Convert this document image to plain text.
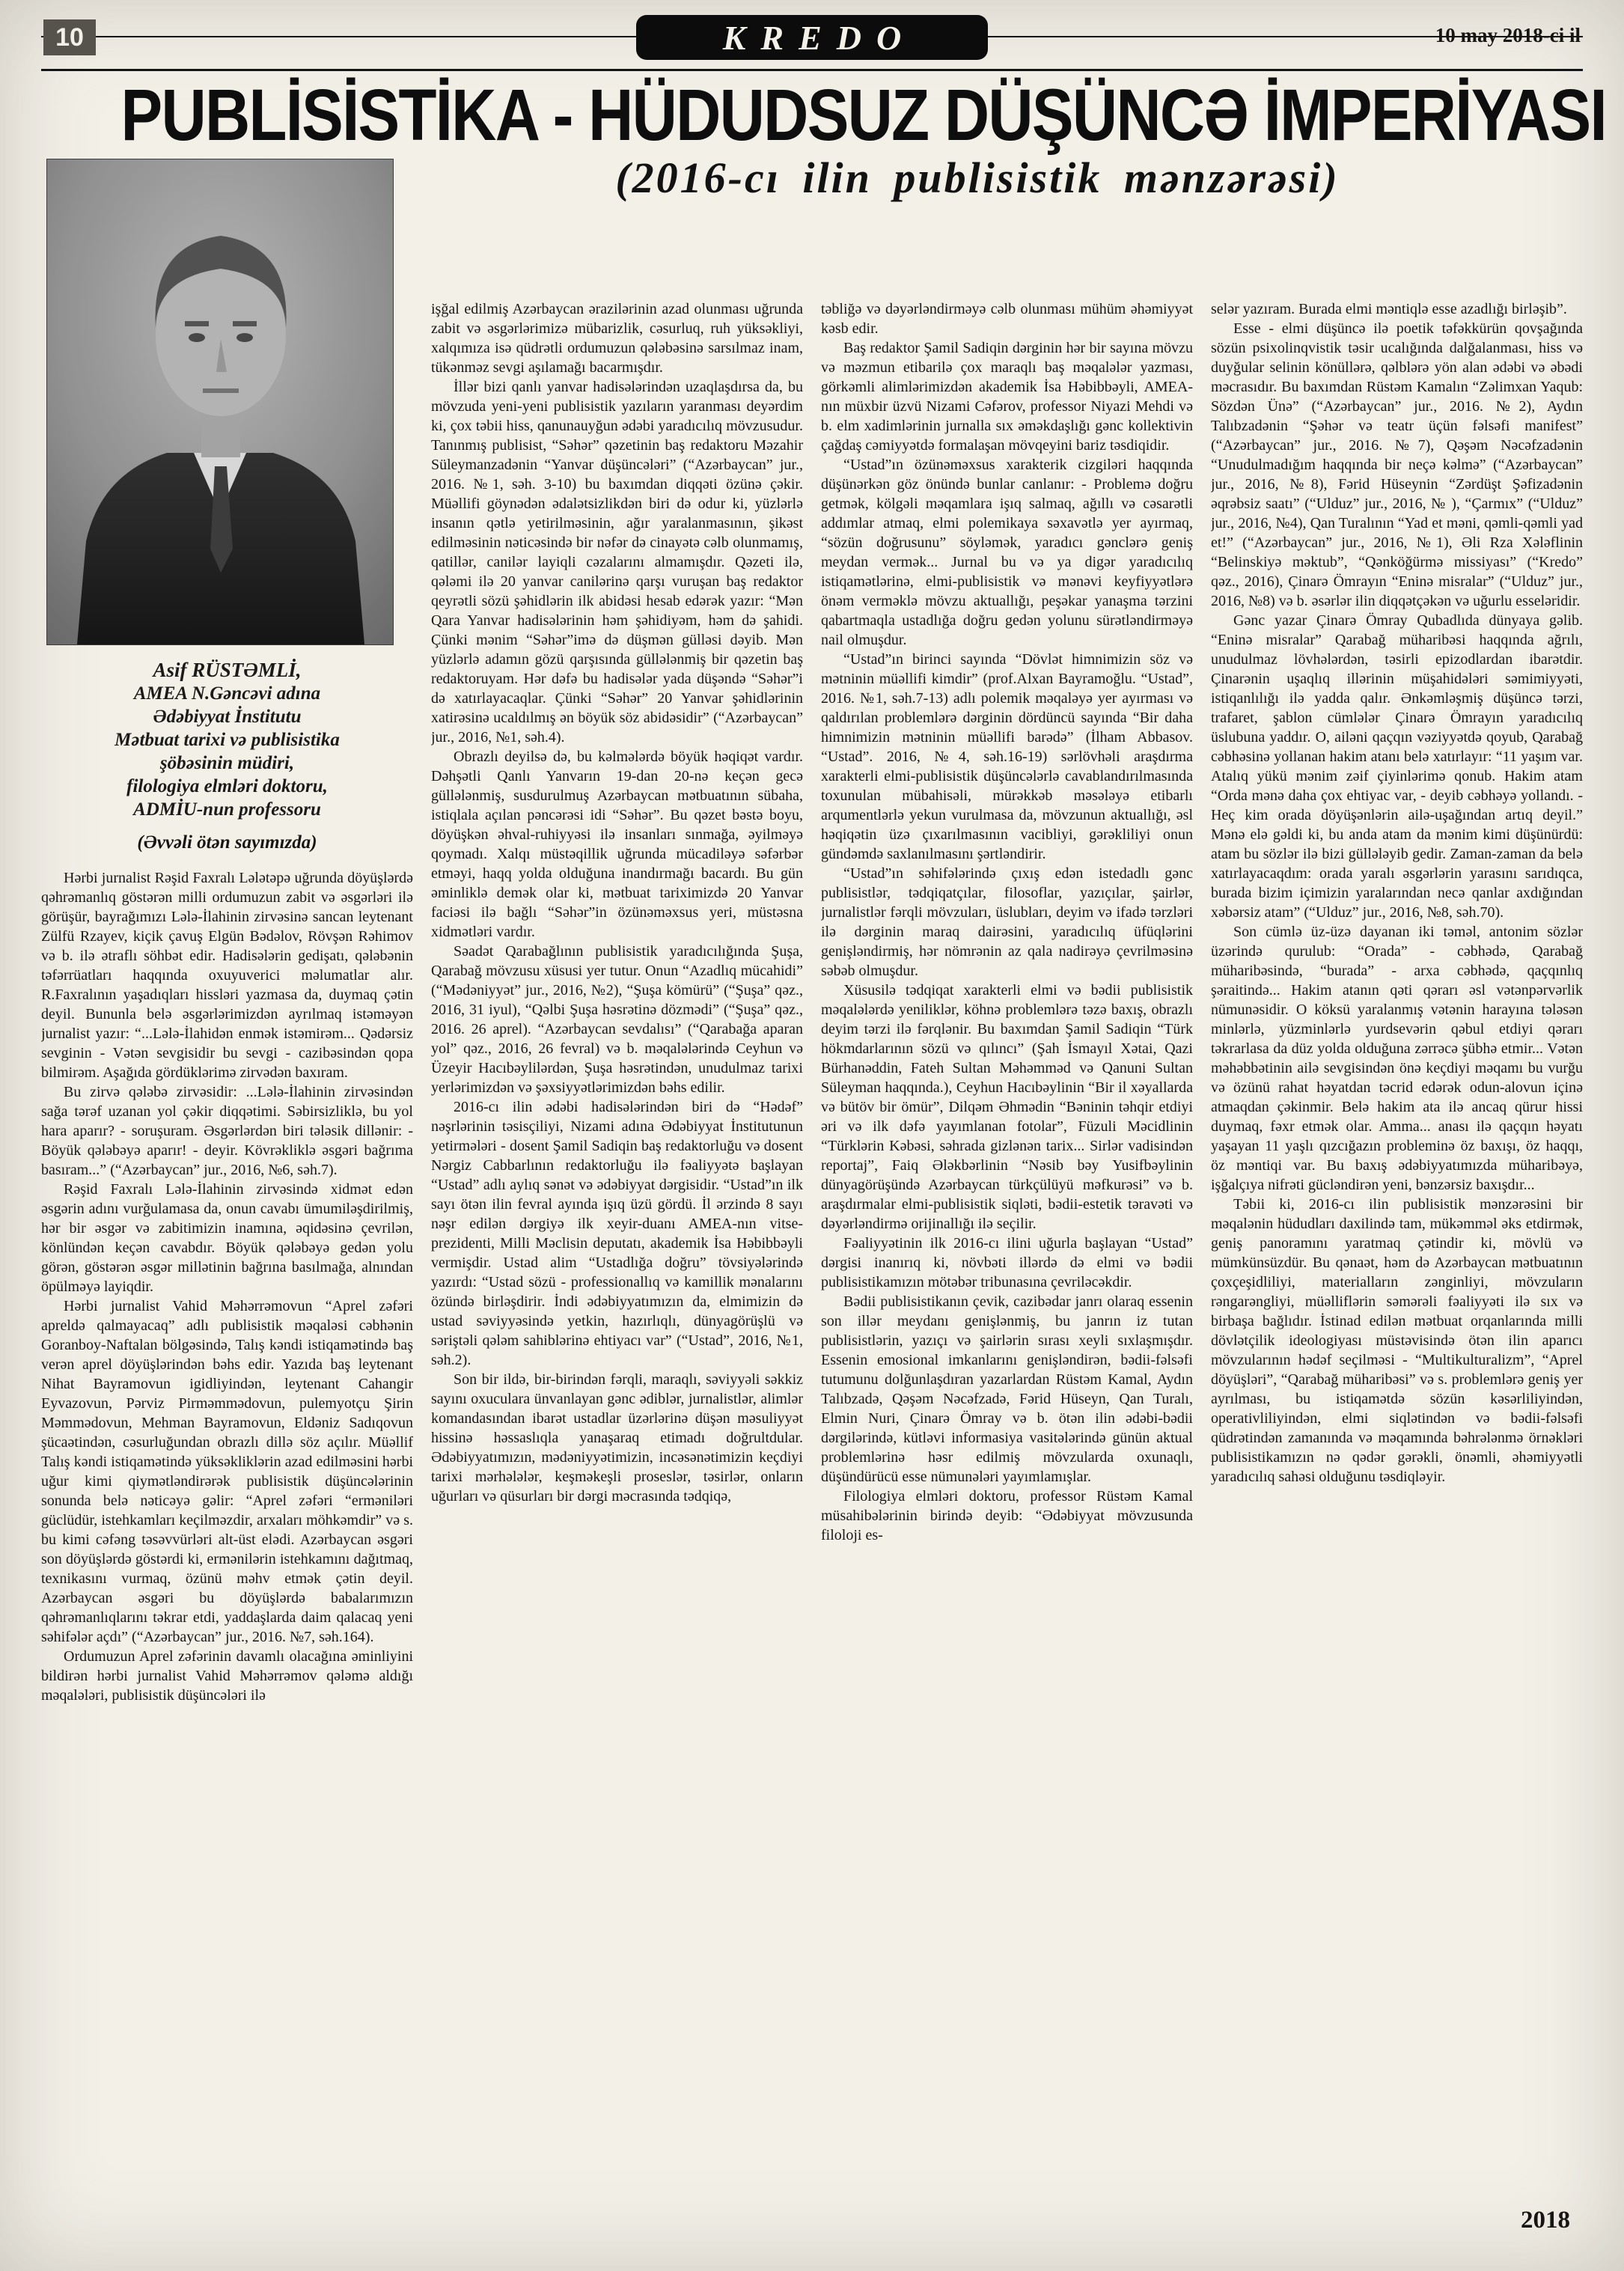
10	KREDO	10 may 2018-ci il
PUBLİSİSTİKA - HÜDUDSUZ DÜŞÜNCƏ İMPERİYASI
(2016-cı ilin publisistik mənzərəsi)
Asif RÜSTƏMLİ,
AMEA N.Gəncəvi adına
Ədəbiyyat İnstitutu
Mətbuat tarixi və publisistika
şöbəsinin müdiri,
filologiya elmləri doktoru,
ADMİU-nun professoru
(Əvvəli ötən sayımızda)

Hərbi jurnalist Rəşid Faxralı Lələtəpə uğrunda döyüşlərdə qəhrəmanlıq göstərən milli ordumuzun zabit və əsgərləri ilə görüşür, bayrağımızı Lələ-İlahinin zirvəsinə sancan leytenant Zülfü Rzayev, kiçik çavuş Elgün Bədəlov, Rövşən Rəhimov və b. ilə ətraflı söhbət edir. Hadisələrin gedişatı, qələbənin təfərrüatları haqqında oxuyuverici məlumatlar alır. R.Faxralının yaşadıqları hissləri yazmasa da, duymaq çətin deyil. Bununla belə əsgərlərimizdən ayrılmaq istəməyən jurnalist yazır: “...Lələ-İlahidən enmək istəmirəm... Qədərsiz sevginin - Vətən sevgisidir bu sevgi - cazibəsindən qopa bilmirəm. Aşağıda gördüklərimə zirvədən baxıram.

Bu zirvə qələbə zirvəsidir: ...Lələ-İlahinin zirvəsindən sağa tərəf uzanan yol çəkir diqqətimi. Səbirsizliklə, bu yol hara aparır? - soruşuram. Əsgərlərdən biri tələsik dillənir: - Böyük qələbəyə aparır! - deyir. Kövrəkliklə əsgəri bağrıma basıram...” (“Azərbaycan” jur., 2016, №6, səh.7).

Rəşid Faxralı Lələ-İlahinin zirvəsində xidmət edən əsgərin adını vurğulamasa da, onun cavabı ümumiləşdirilmiş, hər bir əsgər və zabitimizin inamına, əqidəsinə çevrilən, könlündən keçən cavabdır. Böyük qələbəyə gedən yolu görən, göstərən əsgər millətinin bağrına basılmağa, alnından öpülməyə layiqdir.

Hərbi jurnalist Vahid Məhərrəmovun “Aprel zəfəri apreldə qalmayacaq” adlı publisistik məqaləsi cəbhənin Goranboy-Naftalan bölgəsində, Talış kəndi istiqamətində baş verən aprel döyüşlərindən bəhs edir. Yazıda baş leytenant Nihat Bayramovun igidliyindən, leytenant Cahangir Eyvazovun, Pərviz Pirməmmədovun, pulemyotçu Şirin Məmmədovun, Mehman Bayramovun, Eldəniz Sadıqovun şücaətindən, cəsurluğundan obrazlı dillə söz açılır. Müəllif Talış kəndi istiqamətində yüksəkliklərin azad edilməsini hərbi uğur kimi qiymətləndirərək publisistik düşüncələrinin sonunda belə nəticəyə gəlir: “Aprel zəfəri “erməniləri güclüdür, istehkamları keçilməzdir, arxaları möhkəmdir” və s. bu kimi cəfəng təsəvvürləri alt-üst elədi. Azərbaycan əsgəri son döyüşlərdə göstərdi ki, ermənilərin istehkamını dağıtmaq, texnikasını vurmaq, özünü məhv etmək çətin deyil. Azərbaycan əsgəri bu döyüşlərdə babalarımızın qəhrəmanlıqlarını təkrar etdi, yaddaşlarda daim qalacaq yeni səhifələr açdı” (“Azərbaycan” jur., 2016. №7, səh.164).

Ordumuzun Aprel zəfərinin davamlı olacağına əminliyini bildirən hərbi jurnalist Vahid Məhərrəmov qələmə aldığı məqalələri, publisistik düşüncələri ilə

işğal edilmiş Azərbaycan ərazilərinin azad olunması uğrunda zabit və əsgərlərimizə mübarizlik, cəsurluq, ruh yüksəkliyi, xalqımıza isə qüdrətli ordumuzun qələbəsinə sarsılmaz inam, tükənməz sevgi aşılamağı bacarmışdır.

İllər bizi qanlı yanvar hadisələrindən uzaqlaşdırsa da, bu mövzuda yeni-yeni publisistik yazıların yaranması deyərdim ki, çox təbii hiss, qanunauyğun ədəbi yaradıcılıq mövzusudur. Tanınmış publisist, “Səhər” qəzetinin baş redaktoru Məzahir Süleymanzadənin “Yanvar düşüncələri” (“Azərbaycan” jur., 2016. №1, səh. 3-10) bu baxımdan diqqəti özünə çəkir. Müəllifi göynədən ədalətsizlikdən biri də odur ki, yüzlərlə insanın qətlə yetirilməsinin, ağır yaralanmasının, şikəst edilməsinin nəticəsində bir nəfər də cinayətə cəlb olunmamış, qatillər, canilər layiqli cəzalarını almamışdır. Qəzeti ilə, qələmi ilə 20 yanvar canilərinə qarşı vuruşan baş redaktor qeyrətli sözü şəhidlərin ilk abidəsi hesab edərək yazır: “Mən Qara Yanvar hadisələrinin həm şəhidiyəm, həm də şahidi. Çünki mənim “Səhər”imə də düşmən gülləsi dəyib. Mən yüzlərlə adamın gözü qarşısında güllələnmiş bir qəzetin baş redaktoruyam. Hər dəfə bu hadisələr yada düşəndə “Səhər”i də xatırlayacaqlar. Çünki “Səhər” 20 Yanvar şəhidlərinin xatirəsinə ucaldılmış ən böyük söz abidəsidir” (“Azərbaycan” jur., 2016, №1, səh.4).

Obrazlı deyilsə də, bu kəlmələrdə böyük həqiqət vardır. Dəhşətli Qanlı Yanvarın 19-dan 20-nə keçən gecə güllələnmiş, susdurulmuş Azərbaycan mətbuatının sübaha, istiqlala açılan pəncərəsi idi “Səhər”. Bu qəzet bəstə boyu, döyüşkən əhval-ruhiyyəsi ilə insanları sınmağa, əyilməyə qoymadı. Xalqı müstəqillik uğrunda mücadiləyə səfərbər etməyi, haqq yolda olduğuna inandırmağı bacardı. Bu gün əminliklə demək olar ki, mətbuat tariximizdə 20 Yanvar faciəsi ilə bağlı “Səhər”in özünəməxsus yeri, müstəsna xidmətləri vardır.

Səadət Qarabağlının publisistik yaradıcılığında Şuşa, Qarabağ mövzusu xüsusi yer tutur. Onun “Azadlıq mücahidi” (“Mədəniyyət” jur., 2016, №2), “Şuşa kömürü” (“Şuşa” qəz., 2016, 31 iyul), “Qəlbi Şuşa həsrətinə dözmədi” (“Şuşa” qəz., 2016. 26 aprel). “Azərbaycan sevdalısı” (“Qarabağa aparan yol” qəz., 2016, 26 fevral) və b. məqalələrində Ceyhun və Üzeyir Hacıbəylilərdən, Şuşa həsrətindən, unudulmaz tarixi yerlərimizdən və şəxsiyyətlərimizdən bəhs edilir.

2016-cı ilin ədəbi hadisələrindən biri də “Hədəf” nəşrlərinin təsisçiliyi, Nizami adına Ədəbiyyat İnstitutunun yetirmələri - dosent Şamil Sadiqin baş redaktorluğu və dosent Nərgiz Cabbarlının redaktorluğu ilə fəaliyyətə başlayan “Ustad” adlı aylıq sənət və ədəbiyyat dərgisidir. “Ustad”ın ilk sayı ötən ilin fevral ayında işıq üzü gördü. İl ərzində 8 sayı nəşr edilən dərgiyə ilk xeyir-duanı AMEA-nın vitse-prezidenti, Milli Məclisin deputatı, akademik İsa Həbibbəyli vermişdir. Ustad alim “Ustadlığa doğru” tövsiyələrində yazırdı: “Ustad sözü - professionallıq və kamillik mənalarını özündə birləşdirir. İndi ədəbiyyatımızın da, elmimizin də ustad səviyyəsində yetkin, hazırlıqlı, dünyagörüşlü və səriştəli qələm sahiblərinə ehtiyacı var” (“Ustad”, 2016, №1, səh.2).

Son bir ildə, bir-birindən fərqli, maraqlı, səviyyəli səkkiz sayını oxuculara ünvanlayan gənc ədiblər, jurnalistlər, alimlər komandasından ibarət ustadlar üzərlərinə düşən məsuliyyət hissinə həssaslıqla yanaşaraq etimadı doğrultdular. Ədəbiyyatımızın, mədəniyyətimizin, incəsənətimizin keçdiyi tarixi mərhələlər, keşməkeşli proseslər, təsirlər, onların uğurları və qüsurları bir dərgi məcrasında tədqiqə,

təbliğə və dəyərləndirməyə cəlb olunması mühüm əhəmiyyət kəsb edir.

Baş redaktor Şamil Sadiqin dərginin hər bir sayına mövzu və məzmun etibarilə çox maraqlı baş məqalələr yazması, görkəmli alimlərimizdən akademik İsa Həbibbəyli, AMEA-nın müxbir üzvü Nizami Cəfərov, professor Niyazi Mehdi və b. elm xadimlərinin jurnalla sıx əməkdaşlığı gənc kollektivin çağdaş cəmiyyətdə formalaşan mövqeyini bariz təsdiqidir.

“Ustad”ın özünəməxsus xarakterik cizgiləri haqqında düşünərkən göz önündə bunlar canlanır: - Problemə doğru getmək, kölgəli məqamlara işıq salmaq, ağıllı və cəsarətli addımlar atmaq, elmi polemikaya səxavətlə yer ayırmaq, “sözün doğrusunu” söyləmək, yaradıcı gənclərə geniş meydan vermək... Jurnal bu və ya digər yaradıcılıq istiqamətlərinə, elmi-publisistik və mənəvi keyfiyyətlərə önəm verməklə mövzu aktuallığı, peşəkar yanaşma tərzini qabartmaqla ustadlığa doğru gedən yolunu sürətləndirməyə nail olmuşdur.

“Ustad”ın birinci sayında “Dövlət himnimizin söz və mətninin müəllifi kimdir” (prof.Alxan Bayramoğlu. “Ustad”, 2016. №1, səh.7-13) adlı polemik məqaləyə yer ayırması və qaldırılan problemlərə dərginin dördüncü sayında “Bir daha himnimizin mətninin müəllifi barədə” (İlham Abbasov. “Ustad”. 2016, №4, səh.16-19) sərlövhəli araşdırma xarakterli elmi-publisistik düşüncələrlə cavablandırılmasında toxunulan mübahisəli, mürəkkəb məsələyə etibarlı arqumentlərlə yekun vurulmasa da, mövzunun aktuallığı, əsl həqiqətin üzə çıxarılmasının vacibliyi, gərəkliliyi onun gündəmdə saxlanılmasını şərtləndirir.

“Ustad”ın səhifələrində çıxış edən istedadlı gənc publisistlər, tədqiqatçılar, filosoflar, yazıçılar, şairlər, jurnalistlər fərqli mövzuları, üslubları, deyim və ifadə tərzləri ilə dərginin maraq dairəsini, yaradıcılıq üfüqlərini genişləndirmiş, hər nömrənin az qala nadirəyə çevrilməsinə səbəb olmuşdur.

Xüsusilə tədqiqat xarakterli elmi və bədii publisistik məqalələrdə yeniliklər, köhnə problemlərə təzə baxış, obrazlı deyim tərzi ilə fərqlənir. Bu baxımdan Şamil Sadiqin “Türk hökmdarlarının sözü və qılıncı” (Şah İsmayıl Xətai, Qazi Bürhanəddin, Fateh Sultan Məhəmməd və Qanuni Sultan Süleyman haqqında.), Ceyhun Hacıbəylinin “Bir il xəyallarda və bütöv bir ömür”, Dilqəm Əhmədin “Bəninin təhqir etdiyi əri və ilk dəfə yayımlanan fotolar”, Füzuli Məcidlinin “Türklərin Kəbəsi, səhrada gizlənən tarix... Sirlər vadisindən reportaj”, Faiq Ələkbərlinin “Nəsib bəy Yusifbəylinin dünyagörüşündə Azərbaycan türkçülüyü məfkurəsi” və b. araşdırmalar elmi-publisistik siqləti, bədii-estetik təravəti və dəyərləndirmə orijinallığı ilə seçilir.

Fəaliyyətinin ilk 2016-cı ilini uğurla başlayan “Ustad” dərgisi inanırıq ki, növbəti illərdə də elmi və bədii publisistikamızın mötəbər tribunasına çevriləcəkdir.

Bədii publisistikanın çevik, cazibədar janrı olaraq essenin son illər meydanı genişlənmiş, bu janrın iz tutan publisistlərin, yazıçı və şairlərin sırası xeyli sıxlaşmışdır. Essenin emosional imkanlarını genişləndirən, bədii-fəlsəfi tutumunu dolğunlaşdıran yazarlardan Rüstəm Kamal, Aydın Talıbzadə, Qəşəm Nəcəfzadə, Fərid Hüseyn, Qan Turalı, Elmin Nuri, Çinarə Ömray və b. ötən ilin ədəbi-bədii dərgilərində, kütləvi informasiya vasitələrində günün aktual problemlərinə həsr edilmiş mövzularda oxunaqlı, düşündürücü esse nümunələri yayımlamışlar.

Filologiya elmləri doktoru, professor Rüstəm Kamal müsahibələrinin birində deyib: “Ədəbiyyat mövzusunda filoloji es-

selər yazıram. Burada elmi məntiqlə esse azadlığı birləşib”.

Esse - elmi düşüncə ilə poetik təfəkkürün qovşağında sözün psixolinqvistik təsir ucalığında dalğalanması, hiss və duyğular selinin könüllərə, qəlblərə yön alan ədəbi və əbədi məcrasıdır. Bu baxımdan Rüstəm Kamalın “Zəlimxan Yaqub: Sözdən Ünə” (“Azərbaycan” jur., 2016. №2), Aydın Talıbzadənin “Şəhər və teatr üçün fəlsəfi manifest” (“Azərbaycan” jur., 2016. №7), Qəşəm Nəcəfzadənin “Unudulmadığım haqqında bir neçə kəlmə” (“Azərbaycan” jur., 2016, №8), Fərid Hüseynin “Zərdüşt Şəfizadənin əqrəbsiz saatı” (“Ulduz” jur., 2016, № ), “Çarmıx” (“Ulduz” jur., 2016, №4), Qan Turalının “Yad et məni, qəmli-qəmli yad et!” (“Azərbaycan” jur., 2016, №1), Əli Rza Xələflinin “Belinskiyə məktub”, “Qənköğürmə missiyası” (“Kredo” qəz., 2016), Çinarə Ömrayın “Eninə misralar” (“Ulduz” jur., 2016, №8) və b. əsərlər ilin diqqətçəkən və uğurlu esseləridir.

Gənc yazar Çinarə Ömray Qubadlıda dünyaya gəlib. “Eninə misralar” Qarabağ müharibəsi haqqında ağrılı, unudulmaz lövhələrdən, təsirli epizodlardan ibarətdir. Çinarənin uşaqlıq illərinin müşahidələri səmimiyyəti, istiqanlılığı ilə yadda qalır. Ənkəmləşmiş düşüncə tərzi, trafaret, şablon cümlələr Çinarə Ömrayın yaradıcılıq üslubuna yaddır. O, ailəni qaçqın vəziyyətdə qoyub, Qarabağ cəbhəsinə yollanan hakim atanı belə xatırlayır: “11 yaşım var. Atalıq yükü mənim zəif çiyinlərimə qonub. Hakim atam “Orda mənə daha çox ehtiyac var, - deyib cəbhəyə yollandı. - Heç kim orada döyüşənlərin ailə-uşağından artıq deyil.” Mənə elə gəldi ki, bu anda atam da mənim kimi düşünürdü: atam bu sözlər ilə bizi güllələyib gedir. Zaman-zaman da belə xatırlayacaqdım: orada yaralı əsgərlərin yarasını sarıdıqca, burada bizim içimizin yaralarından necə qanlar axdığından xəbərsiz atam” (“Ulduz” jur., 2016, №8, səh.70).

Son cümlə üz-üzə dayanan iki təməl, antonim sözlər üzərində qurulub: “Orada” - cəbhədə, Qarabağ müharibəsində, “burada” - arxa cəbhədə, qaçqınlıq şəraitində... Hakim atanın qəti qərarı əsl vətənpərvərlik nümunəsidir. O köksü yaralanmış vətənin harayına tələsən minlərlə, yüzminlərlə yurdsevərin qəbul etdiyi qərarı təkrarlasa da düz yolda olduğuna zərrəcə şübhə etmir... Vətən məhəbbətinin ailə sevgisindən önə keçdiyi məqamı bu vurğu və özünü rahat həyatdan təcrid edərək odun-alovun içinə atmaqdan çəkinmir. Belə hakim ata ilə ancaq qürur hissi duymaq, fəxr etmək olar. Amma... anası ilə qaçqın həyatı yaşayan 11 yaşlı qızcığazın probleminə öz baxışı, öz haqqı, öz məntiqi var. Bu baxış ədəbiyyatımızda müharibəyə, işğalçıya nifrəti gücləndirən yeni, bənzərsiz baxışdır...

Təbii ki, 2016-cı ilin publisistik mənzərəsini bir məqalənin hüdudları daxilində tam, mükəmməl əks etdirmək, geniş panoramını yaratmaq çətindir ki, mövlü və mümkünsüzdür. Bu qənaət, həm də Azərbaycan mətbuatının çoxçeşidliliyi, materialların zənginliyi, mövzuların rəngarəngliyi, müəlliflərin səmərəli fəaliyyəti ilə sıx və birbaşa bağlıdır. İstinad edilən mətbuat orqanlarında milli dövlətçilik ideologiyası müstəvisində ötən ilin aparıcı mövzularının hədəf seçilməsi - “Multikulturalizm”, “Aprel döyüşləri”, “Qarabağ müharibəsi” və s. problemlərə geniş yer ayrılması, bu istiqamətdə sözün kəsərliliyindən, operativliliyindən, elmi siqlətindən və bədii-fəlsəfi qüdrətindən zamanında və məqamında bəhrələnmə örnəkləri publisistikamızın nə qədər gərəkli, önəmli, əhəmiyyətli yaradıcılıq sahəsi olduğunu təsdiqləyir.

2018
